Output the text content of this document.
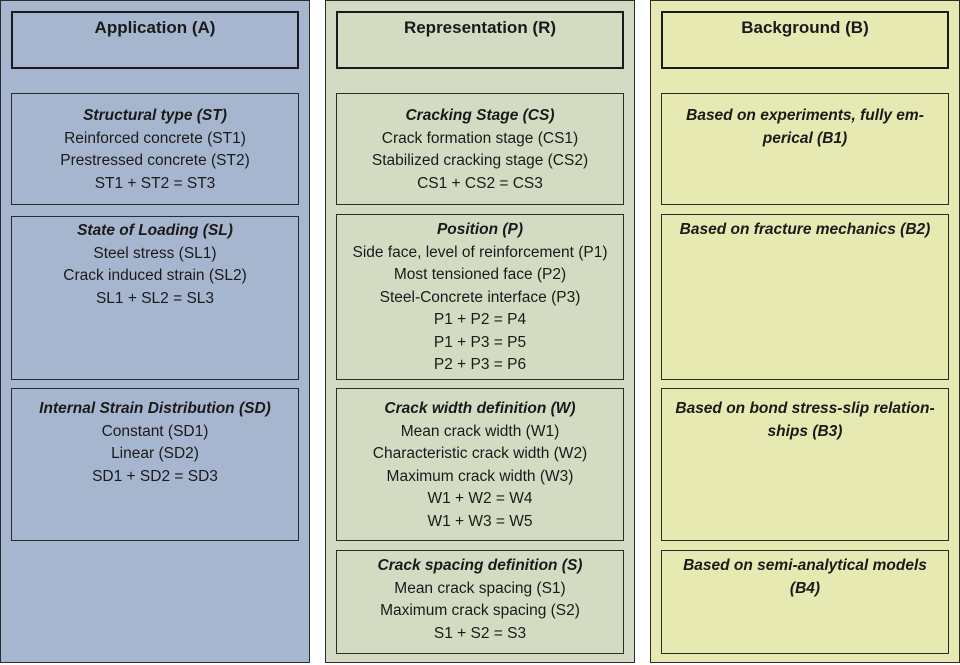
Application (A)
Structural type (ST)
Reinforced concrete (ST1)
Prestressed concrete (ST2)
ST1 + ST2 = ST3
State of Loading (SL)
Steel stress (SL1)
Crack induced strain (SL2)
SL1 + SL2 = SL3
Internal Strain Distribution (SD)
Constant (SD1)
Linear (SD2)
SD1 + SD2 = SD3
Representation (R)
Cracking Stage (CS)
Crack formation stage (CS1)
Stabilized cracking stage (CS2)
CS1 + CS2 = CS3
Position (P)
Side face, level of reinforcement (P1)
Most tensioned face (P2)
Steel-Concrete interface (P3)
P1 + P2 = P4
P1 + P3 = P5
P2 + P3 = P6
Crack width definition (W)
Mean crack width (W1)
Characteristic crack width (W2)
Maximum crack width (W3)
W1 + W2 = W4
W1 + W3 = W5
Crack spacing definition (S)
Mean crack spacing (S1)
Maximum crack spacing (S2)
S1 + S2 = S3
Background (B)
Based on experiments, fully em-perical (B1)
Based on fracture mechanics (B2)
Based on bond stress-slip relation-ships (B3)
Based on semi-analytical models (B4)
